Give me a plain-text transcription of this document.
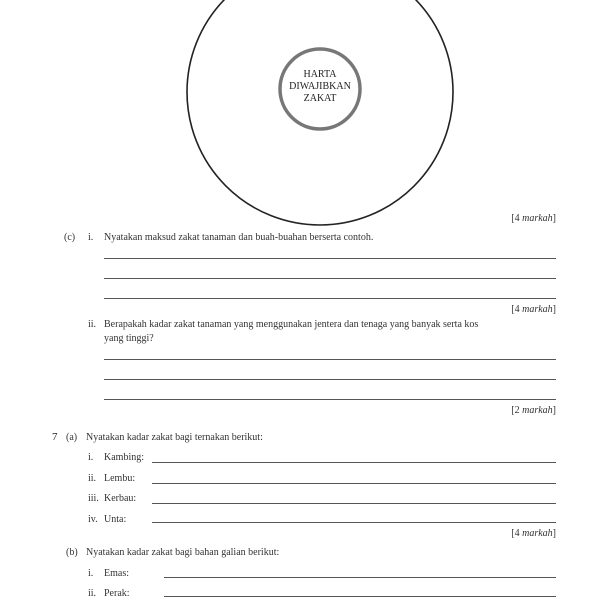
HARTA
DIWAJIBKAN
ZAKAT
[4 markah]
(c) i. Nyatakan maksud zakat tanaman dan buah-buahan berserta contoh.
[4 markah]
ii. Berapakah kadar zakat tanaman yang menggunakan jentera dan tenaga yang banyak serta kos
yang tinggi?
[2 markah]
7 (a) Nyatakan kadar zakat bagi ternakan berikut:
i. Kambing:
ii. Lembu:
iii. Kerbau:
iv. Unta:
[4 markah]
(b) Nyatakan kadar zakat bagi bahan galian berikut:
i. Emas:
ii. Perak:
